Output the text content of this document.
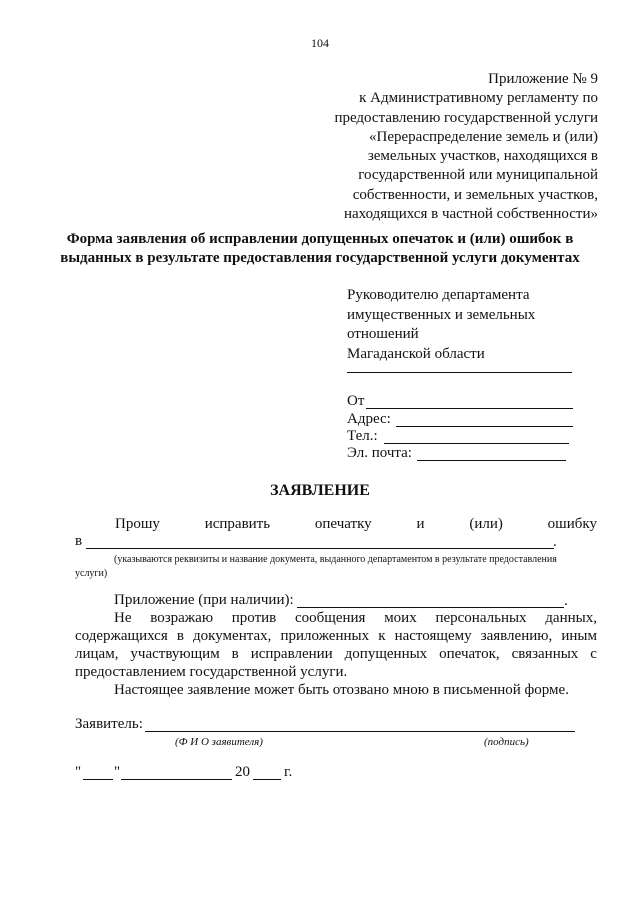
104
Приложение № 9
к Административному регламенту по
предоставлению государственной услуги
«Перераспределение земель и (или)
земельных участков, находящихся в
государственной или муниципальной
собственности, и земельных участков,
находящихся в частной собственности»
Форма заявления об исправлении допущенных опечаток и (или) ошибок в
выданных в результате предоставления государственной услуги документах
Руководителю департамента
имущественных и земельных
отношений
Магаданской области
От
Адрес:
Тел.:
Эл. почта:
ЗАЯВЛЕНИЕ
Прошу	исправить	опечатку	и	(или)	ошибку
в	.
(указываются реквизиты и название документа, выданного департаментом в результате предоставления
услуги)
Приложение (при наличии):	.
Не возражаю против сообщения моих персональных данных,
содержащихся в документах, приложенных к настоящему заявлению, иным
лицам, участвующим в исправлении допущенных опечаток, связанных с
предоставлением государственной услуги.
Настоящее заявление может быть отозвано мною в письменной форме.
Заявитель:
(Ф И О заявителя)	(подпись)
" "	20 г.
